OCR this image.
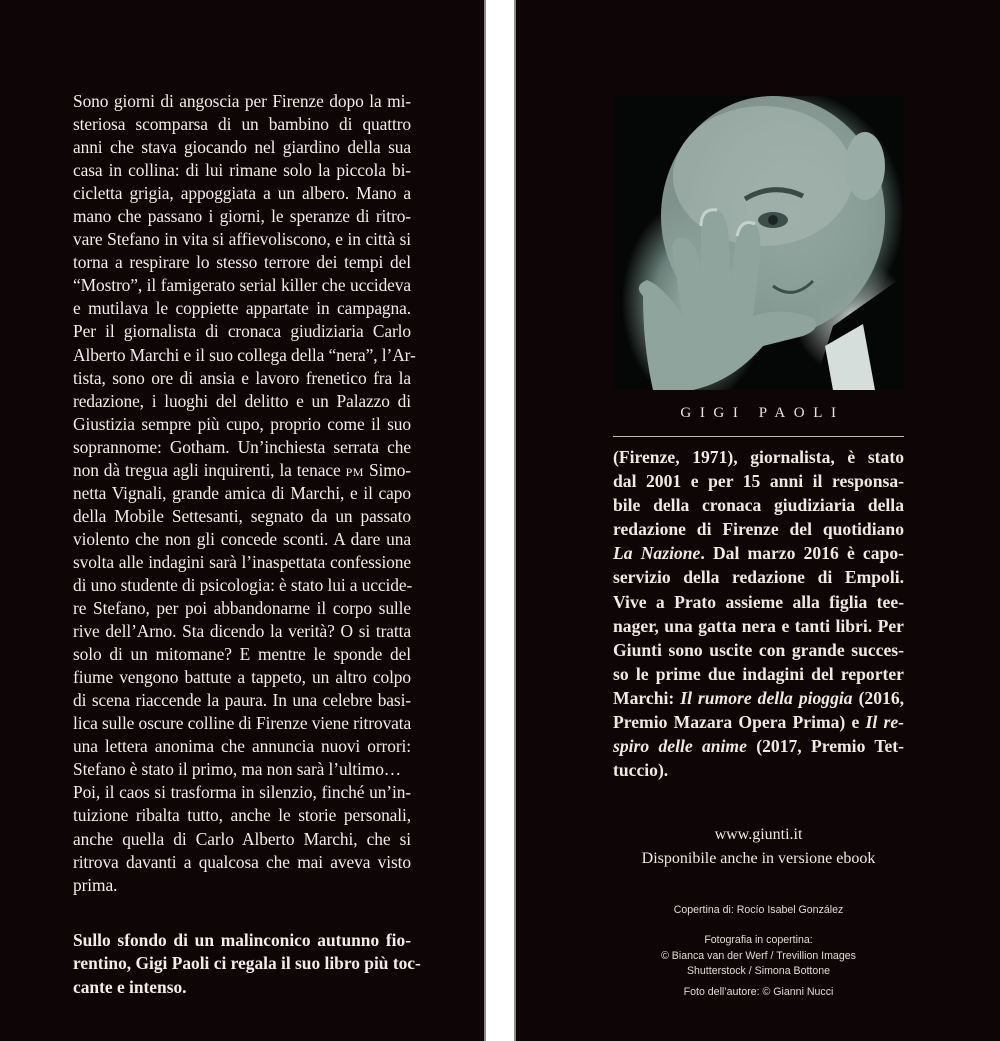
Sono giorni di angoscia per Firenze dopo la mi-
steriosa scomparsa di un bambino di quattro
anni che stava giocando nel giardino della sua
casa in collina: di lui rimane solo la piccola bi-
cicletta grigia, appoggiata a un albero. Mano a
mano che passano i giorni, le speranze di ritro-
vare Stefano in vita si affievoliscono, e in città si
torna a respirare lo stesso terrore dei tempi del
“Mostro”, il famigerato serial killer che uccideva
e mutilava le coppiette appartate in campagna.
Per il giornalista di cronaca giudiziaria Carlo
Alberto Marchi e il suo collega della “nera”, l’Ar-
tista, sono ore di ansia e lavoro frenetico fra la
redazione, i luoghi del delitto e un Palazzo di
Giustizia sempre più cupo, proprio come il suo
soprannome: Gotham. Un’inchiesta serrata che
non dà tregua agli inquirenti, la tenace pm Simo-
netta Vignali, grande amica di Marchi, e il capo
della Mobile Settesanti, segnato da un passato
violento che non gli concede sconti. A dare una
svolta alle indagini sarà l’inaspettata confessione
di uno studente di psicologia: è stato lui a uccide-
re Stefano, per poi abbandonarne il corpo sulle
rive dell’Arno. Sta dicendo la verità? O si tratta
solo di un mitomane? E mentre le sponde del
fiume vengono battute a tappeto, un altro colpo
di scena riaccende la paura. In una celebre basi-
lica sulle oscure colline di Firenze viene ritrovata
una lettera anonima che annuncia nuovi orrori:
Stefano è stato il primo, ma non sarà l’ultimo…
Poi, il caos si trasforma in silenzio, finché un’in-
tuizione ribalta tutto, anche le storie personali,
anche quella di Carlo Alberto Marchi, che si
ritrova davanti a qualcosa che mai aveva visto
prima.
Sullo sfondo di un malinconico autunno fio-
rentino, Gigi Paoli ci regala il suo libro più toc-
cante e intenso.
GIGI PAOLI
(Firenze, 1971), giornalista, è stato
dal 2001 e per 15 anni il responsa-
bile della cronaca giudiziaria della
redazione di Firenze del quotidiano
La Nazione. Dal marzo 2016 è capo-
servizio della redazione di Empoli.
Vive a Prato assieme alla figlia tee-
nager, una gatta nera e tanti libri. Per
Giunti sono uscite con grande succes-
so le prime due indagini del reporter
Marchi: Il rumore della pioggia (2016,
Premio Mazara Opera Prima) e Il re-
spiro delle anime (2017, Premio Tet-
tuccio).
www.giunti.it
Disponibile anche in versione ebook
Copertina di: Rocío Isabel González
Fotografia in copertina:
© Bianca van der Werf / Trevillion Images
Shutterstock / Simona Bottone
Foto dell’autore: © Gianni Nucci
